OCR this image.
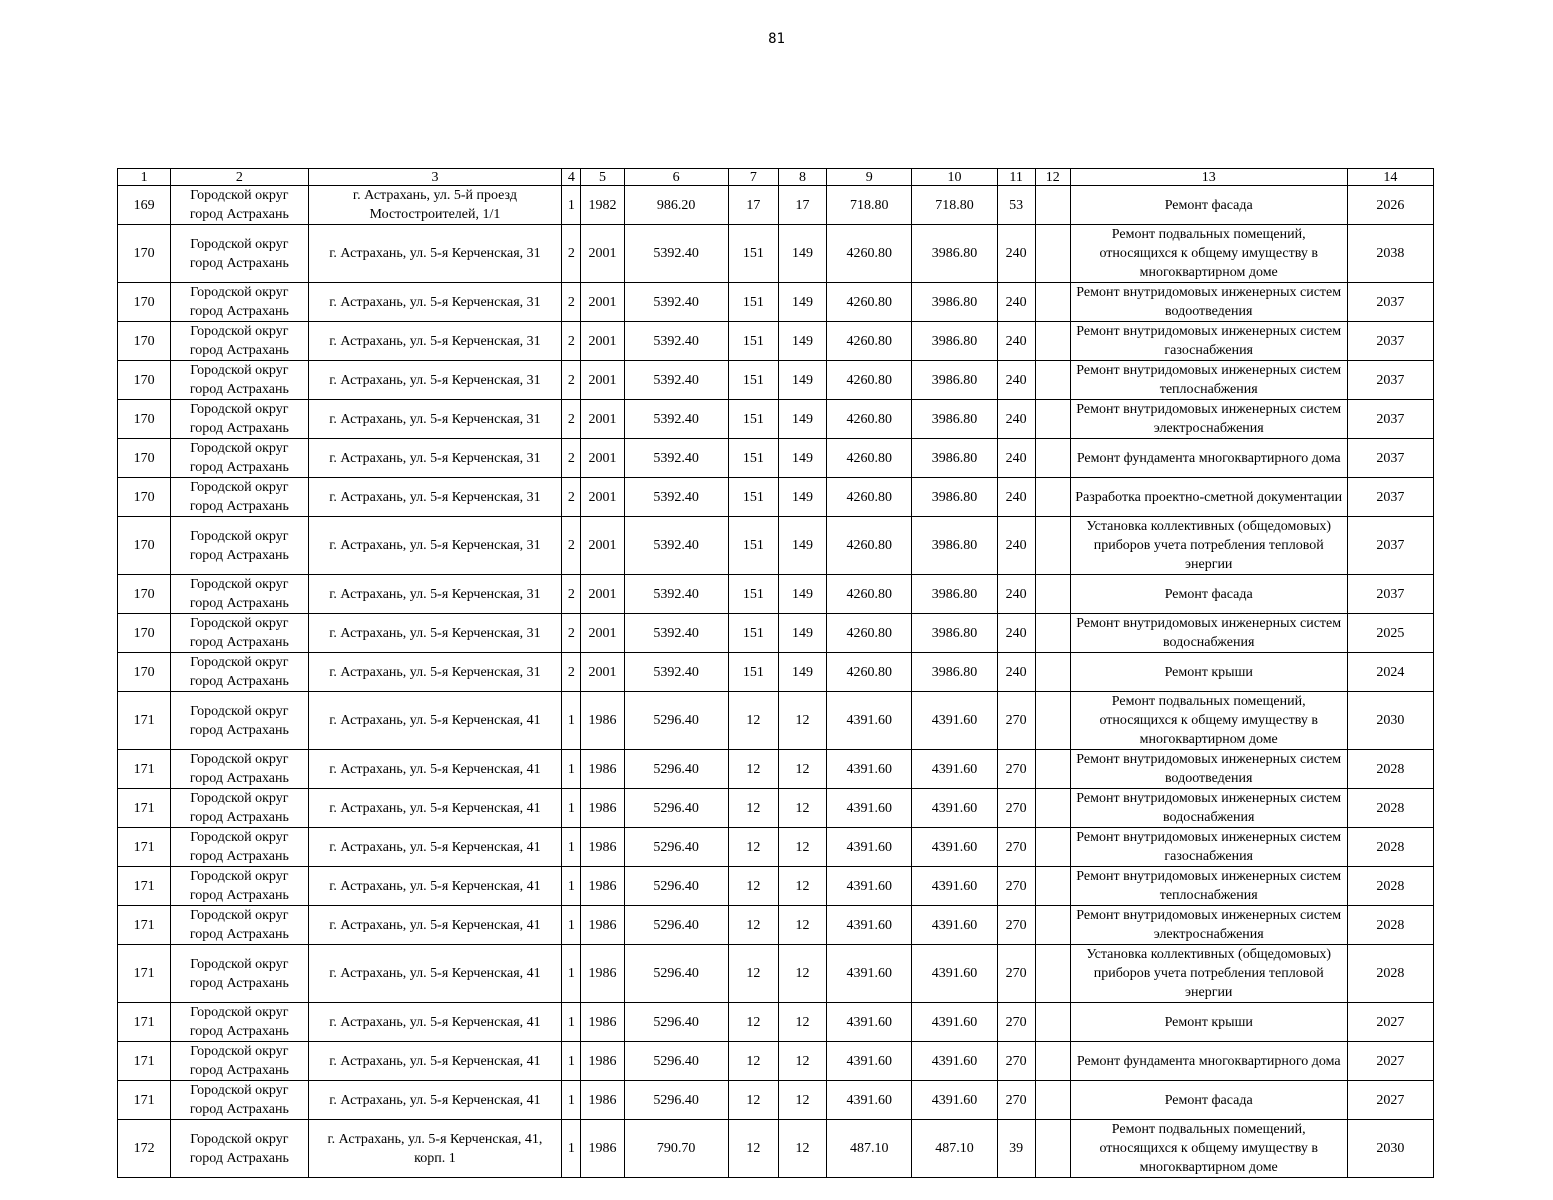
81
1	2	3	4	5	6	7	8	9	10	11	12	13	14
169	Городской округ город Астрахань	г. Астрахань, ул. 5-й проезд Мостостроителей, 1/1	1	1982	986.20	17	17	718.80	718.80	53		Ремонт фасада	2026
170	Городской округ город Астрахань	г. Астрахань, ул. 5-я Керченская, 31	2	2001	5392.40	151	149	4260.80	3986.80	240		Ремонт подвальных помещений, относящихся к общему имуществу в многоквартирном доме	2038
170	Городской округ город Астрахань	г. Астрахань, ул. 5-я Керченская, 31	2	2001	5392.40	151	149	4260.80	3986.80	240		Ремонт внутридомовых инженерных систем водоотведения	2037
170	Городской округ город Астрахань	г. Астрахань, ул. 5-я Керченская, 31	2	2001	5392.40	151	149	4260.80	3986.80	240		Ремонт внутридомовых инженерных систем газоснабжения	2037
170	Городской округ город Астрахань	г. Астрахань, ул. 5-я Керченская, 31	2	2001	5392.40	151	149	4260.80	3986.80	240		Ремонт внутридомовых инженерных систем теплоснабжения	2037
170	Городской округ город Астрахань	г. Астрахань, ул. 5-я Керченская, 31	2	2001	5392.40	151	149	4260.80	3986.80	240		Ремонт внутридомовых инженерных систем электроснабжения	2037
170	Городской округ город Астрахань	г. Астрахань, ул. 5-я Керченская, 31	2	2001	5392.40	151	149	4260.80	3986.80	240		Ремонт фундамента многоквартирного дома	2037
170	Городской округ город Астрахань	г. Астрахань, ул. 5-я Керченская, 31	2	2001	5392.40	151	149	4260.80	3986.80	240		Разработка проектно-сметной документации	2037
170	Городской округ город Астрахань	г. Астрахань, ул. 5-я Керченская, 31	2	2001	5392.40	151	149	4260.80	3986.80	240		Установка коллективных (общедомовых) приборов учета потребления тепловой энергии	2037
170	Городской округ город Астрахань	г. Астрахань, ул. 5-я Керченская, 31	2	2001	5392.40	151	149	4260.80	3986.80	240		Ремонт фасада	2037
170	Городской округ город Астрахань	г. Астрахань, ул. 5-я Керченская, 31	2	2001	5392.40	151	149	4260.80	3986.80	240		Ремонт внутридомовых инженерных систем водоснабжения	2025
170	Городской округ город Астрахань	г. Астрахань, ул. 5-я Керченская, 31	2	2001	5392.40	151	149	4260.80	3986.80	240		Ремонт крыши	2024
171	Городской округ город Астрахань	г. Астрахань, ул. 5-я Керченская, 41	1	1986	5296.40	12	12	4391.60	4391.60	270		Ремонт подвальных помещений, относящихся к общему имуществу в многоквартирном доме	2030
171	Городской округ город Астрахань	г. Астрахань, ул. 5-я Керченская, 41	1	1986	5296.40	12	12	4391.60	4391.60	270		Ремонт внутридомовых инженерных систем водоотведения	2028
171	Городской округ город Астрахань	г. Астрахань, ул. 5-я Керченская, 41	1	1986	5296.40	12	12	4391.60	4391.60	270		Ремонт внутридомовых инженерных систем водоснабжения	2028
171	Городской округ город Астрахань	г. Астрахань, ул. 5-я Керченская, 41	1	1986	5296.40	12	12	4391.60	4391.60	270		Ремонт внутридомовых инженерных систем газоснабжения	2028
171	Городской округ город Астрахань	г. Астрахань, ул. 5-я Керченская, 41	1	1986	5296.40	12	12	4391.60	4391.60	270		Ремонт внутридомовых инженерных систем теплоснабжения	2028
171	Городской округ город Астрахань	г. Астрахань, ул. 5-я Керченская, 41	1	1986	5296.40	12	12	4391.60	4391.60	270		Ремонт внутридомовых инженерных систем электроснабжения	2028
171	Городской округ город Астрахань	г. Астрахань, ул. 5-я Керченская, 41	1	1986	5296.40	12	12	4391.60	4391.60	270		Установка коллективных (общедомовых) приборов учета потребления тепловой энергии	2028
171	Городской округ город Астрахань	г. Астрахань, ул. 5-я Керченская, 41	1	1986	5296.40	12	12	4391.60	4391.60	270		Ремонт крыши	2027
171	Городской округ город Астрахань	г. Астрахань, ул. 5-я Керченская, 41	1	1986	5296.40	12	12	4391.60	4391.60	270		Ремонт фундамента многоквартирного дома	2027
171	Городской округ город Астрахань	г. Астрахань, ул. 5-я Керченская, 41	1	1986	5296.40	12	12	4391.60	4391.60	270		Ремонт фасада	2027
172	Городской округ город Астрахань	г. Астрахань, ул. 5-я Керченская, 41, корп. 1	1	1986	790.70	12	12	487.10	487.10	39		Ремонт подвальных помещений, относящихся к общему имуществу в многоквартирном доме	2030
